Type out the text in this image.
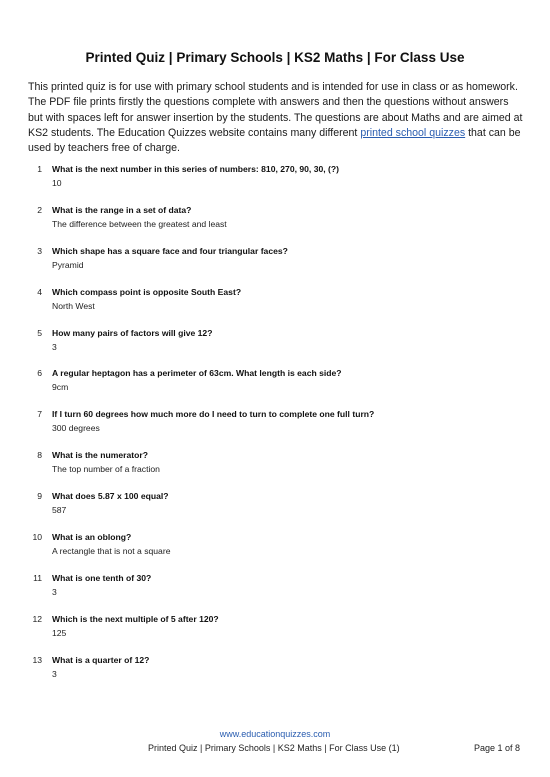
Printed Quiz | Primary Schools | KS2 Maths | For Class Use
This printed quiz is for use with primary school students and is intended for use in class or as homework. The PDF file prints firstly the questions complete with answers and then the questions without answers but with spaces left for answer insertion by the students. The questions are about Maths and are aimed at KS2 students. The Education Quizzes website contains many different printed school quizzes that can be used by teachers free of charge.
1 What is the next number in this series of numbers: 810, 270, 90, 30, (?)
10
2 What is the range in a set of data?
The difference between the greatest and least
3 Which shape has a square face and four triangular faces?
Pyramid
4 Which compass point is opposite South East?
North West
5 How many pairs of factors will give 12?
3
6 A regular heptagon has a perimeter of 63cm. What length is each side?
9cm
7 If I turn 60 degrees how much more do I need to turn to complete one full turn?
300 degrees
8 What is the numerator?
The top number of a fraction
9 What does 5.87 x 100 equal?
587
10 What is an oblong?
A rectangle that is not a square
11 What is one tenth of 30?
3
12 Which is the next multiple of 5 after 120?
125
13 What is a quarter of 12?
3
www.educationquizzes.com
Printed Quiz | Primary Schools | KS2 Maths | For Class Use (1)	Page 1 of 8
